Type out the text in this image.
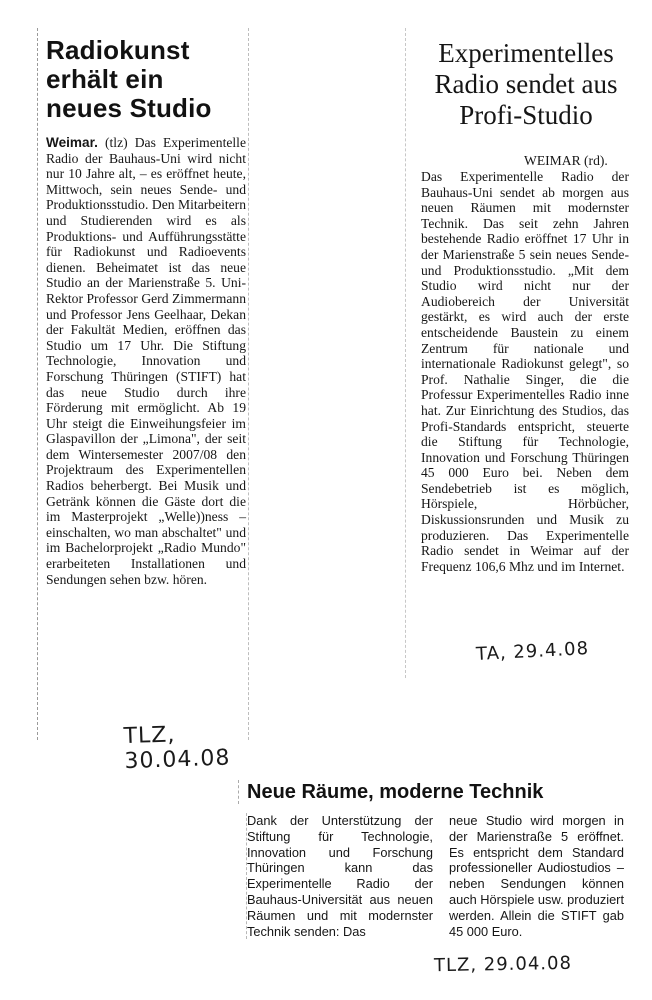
Radiokunst erhält ein neues Studio
Weimar. (tlz) Das Experimentelle Radio der Bauhaus-Uni wird nicht nur 10 Jahre alt, – es eröffnet heute, Mittwoch, sein neues Sende- und Produktionsstudio. Den Mitarbeitern und Studierenden wird es als Produktions- und Aufführungsstätte für Radiokunst und Radioevents dienen. Beheimatet ist das neue Studio an der Marienstraße 5. Uni-Rektor Professor Gerd Zimmermann und Professor Jens Geelhaar, Dekan der Fakultät Medien, eröffnen das Studio um 17 Uhr. Die Stiftung Technologie, Innovation und Forschung Thüringen (STIFT) hat das neue Studio durch ihre Förderung mit ermöglicht. Ab 19 Uhr steigt die Einweihungsfeier im Glaspavillon der „Limona", der seit dem Wintersemester 2007/08 den Projektraum des Experimentellen Radios beherbergt. Bei Musik und Getränk können die Gäste dort die im Masterprojekt „Welle))ness – einschalten, wo man abschaltet" und im Bachelorprojekt „Radio Mundo" erarbeiteten Installationen und Sendungen sehen bzw. hören.
TLZ, 30.04.08
Experimentelles Radio sendet aus Profi-Studio
WEIMAR (rd).
Das Experimentelle Radio der Bauhaus-Uni sendet ab morgen aus neuen Räumen mit modernster Technik. Das seit zehn Jahren bestehende Radio eröffnet 17 Uhr in der Marienstraße 5 sein neues Sende- und Produktionsstudio. „Mit dem Studio wird nicht nur der Audiobereich der Universität gestärkt, es wird auch der erste entscheidende Baustein zu einem Zentrum für nationale und internationale Radiokunst gelegt", so Prof. Nathalie Singer, die die Professur Experimentelles Radio inne hat. Zur Einrichtung des Studios, das Profi-Standards entspricht, steuerte die Stiftung für Technologie, Innovation und Forschung Thüringen 45 000 Euro bei. Neben dem Sendebetrieb ist es möglich, Hörspiele, Hörbücher, Diskussionsrunden und Musik zu produzieren. Das Experimentelle Radio sendet in Weimar auf der Frequenz 106,6 Mhz und im Internet.
TA, 29.4.08
Neue Räume, moderne Technik
Dank der Unterstützung der Stiftung für Technologie, Innovation und Forschung Thüringen kann das Experimentelle Radio der Bauhaus-Universität aus neuen Räumen und mit modernster Technik senden: Das
neue Studio wird morgen in der Marienstraße 5 eröffnet. Es entspricht dem Standard professioneller Audiostudios – neben Sendungen können auch Hörspiele usw. produziert werden. Allein die STIFT gab 45 000 Euro.
TLZ, 29.04.08
